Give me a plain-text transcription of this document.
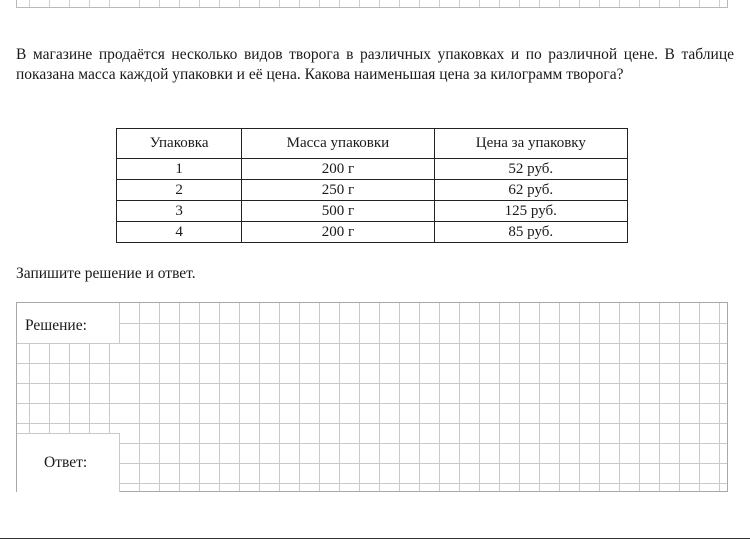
В магазине продаётся несколько видов творога в различных упаковках и по различной цене. В таблице показана масса каждой упаковки и её цена. Какова наименьшая цена за килограмм творога?

Упаковка	Масса упаковки	Цена за упаковку
1	200 г	52 руб.
2	250 г	62 руб.
3	500 г	125 руб.
4	200 г	85 руб.
Запишите решение и ответ.
Решение:
Ответ:
